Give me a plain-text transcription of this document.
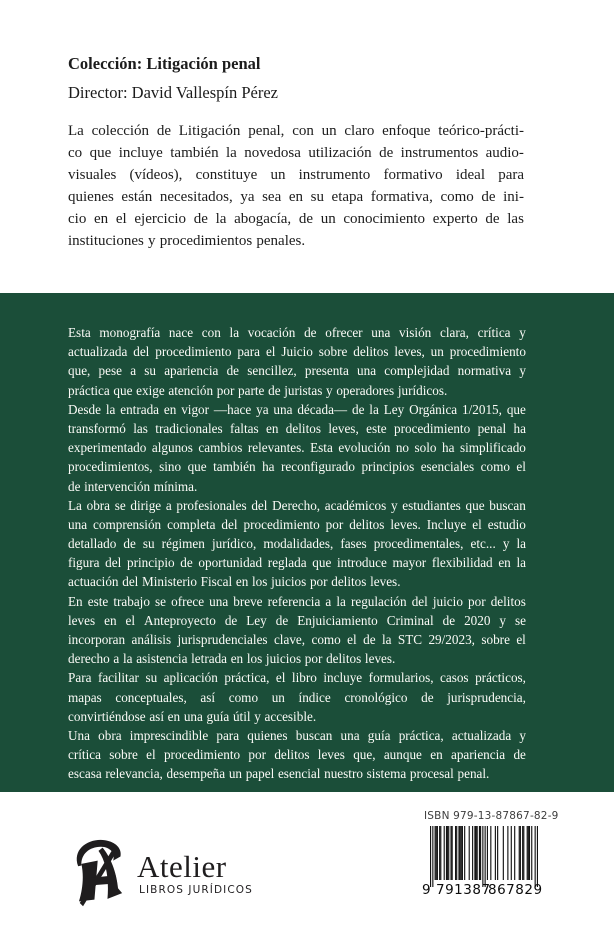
Colección: Litigación penal
Director: David Vallespín Pérez
La colección de Litigación penal, con un claro enfoque teórico-prácti-
co que incluye también la novedosa utilización de instrumentos audio-
visuales (vídeos), constituye un instrumento formativo ideal para
quienes están necesitados, ya sea en su etapa formativa, como de ini-
cio en el ejercicio de la abogacía, de un conocimiento experto de las
instituciones y procedimientos penales.
Esta monografía nace con la vocación de ofrecer una visión clara, crítica y
actualizada del procedimiento para el Juicio sobre delitos leves, un procedimiento
que, pese a su apariencia de sencillez, presenta una complejidad normativa y
práctica que exige atención por parte de juristas y operadores jurídicos.
Desde la entrada en vigor —hace ya una década— de la Ley Orgánica 1/2015, que
transformó las tradicionales faltas en delitos leves, este procedimiento penal ha
experimentado algunos cambios relevantes. Esta evolución no solo ha simplificado
procedimientos, sino que también ha reconfigurado principios esenciales como el
de intervención mínima.
La obra se dirige a profesionales del Derecho, académicos y estudiantes que buscan
una comprensión completa del procedimiento por delitos leves. Incluye el estudio
detallado de su régimen jurídico, modalidades, fases procedimentales, etc... y la
figura del principio de oportunidad reglada que introduce mayor flexibilidad en la
actuación del Ministerio Fiscal en los juicios por delitos leves.
En este trabajo se ofrece una breve referencia a la regulación del juicio por delitos
leves en el Anteproyecto de Ley de Enjuiciamiento Criminal de 2020 y se
incorporan análisis jurisprudenciales clave, como el de la STC 29/2023, sobre el
derecho a la asistencia letrada en los juicios por delitos leves.
Para facilitar su aplicación práctica, el libro incluye formularios, casos prácticos,
mapas conceptuales, así como un índice cronológico de jurisprudencia,
convirtiéndose así en una guía útil y accesible.
Una obra imprescindible para quienes buscan una guía práctica, actualizada y
crítica sobre el procedimiento por delitos leves que, aunque en apariencia de
escasa relevancia, desempeña un papel esencial nuestro sistema procesal penal.
Atelier
LIBROS JURÍDICOS
ISBN 979-13-87867-82-9
9 791387
867829
